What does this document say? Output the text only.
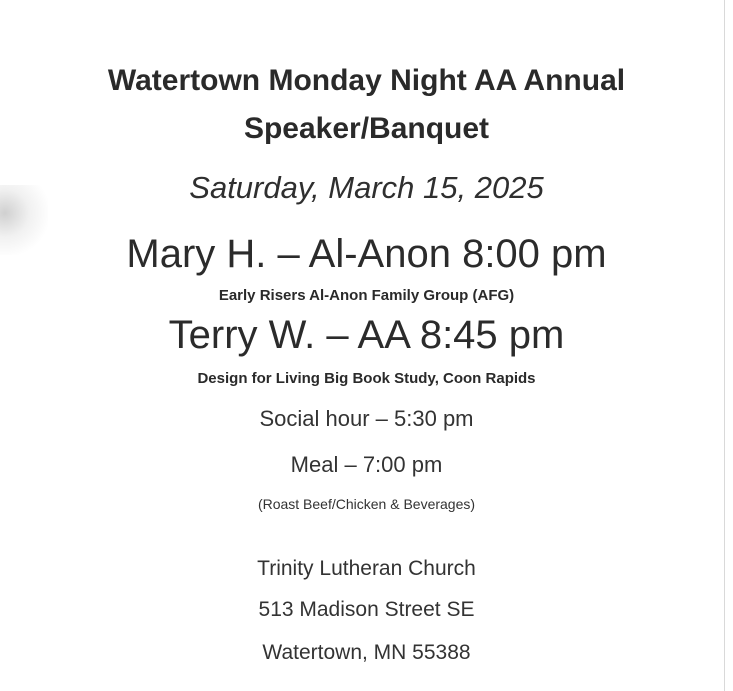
Watertown Monday Night AA Annual
Speaker/Banquet
Saturday, March 15, 2025
Mary H. – Al-Anon 8:00 pm
Early Risers Al-Anon Family Group (AFG)
Terry W. – AA 8:45 pm
Design for Living Big Book Study, Coon Rapids
Social hour – 5:30 pm
Meal – 7:00 pm
(Roast Beef/Chicken & Beverages)
Trinity Lutheran Church
513 Madison Street SE
Watertown, MN 55388
